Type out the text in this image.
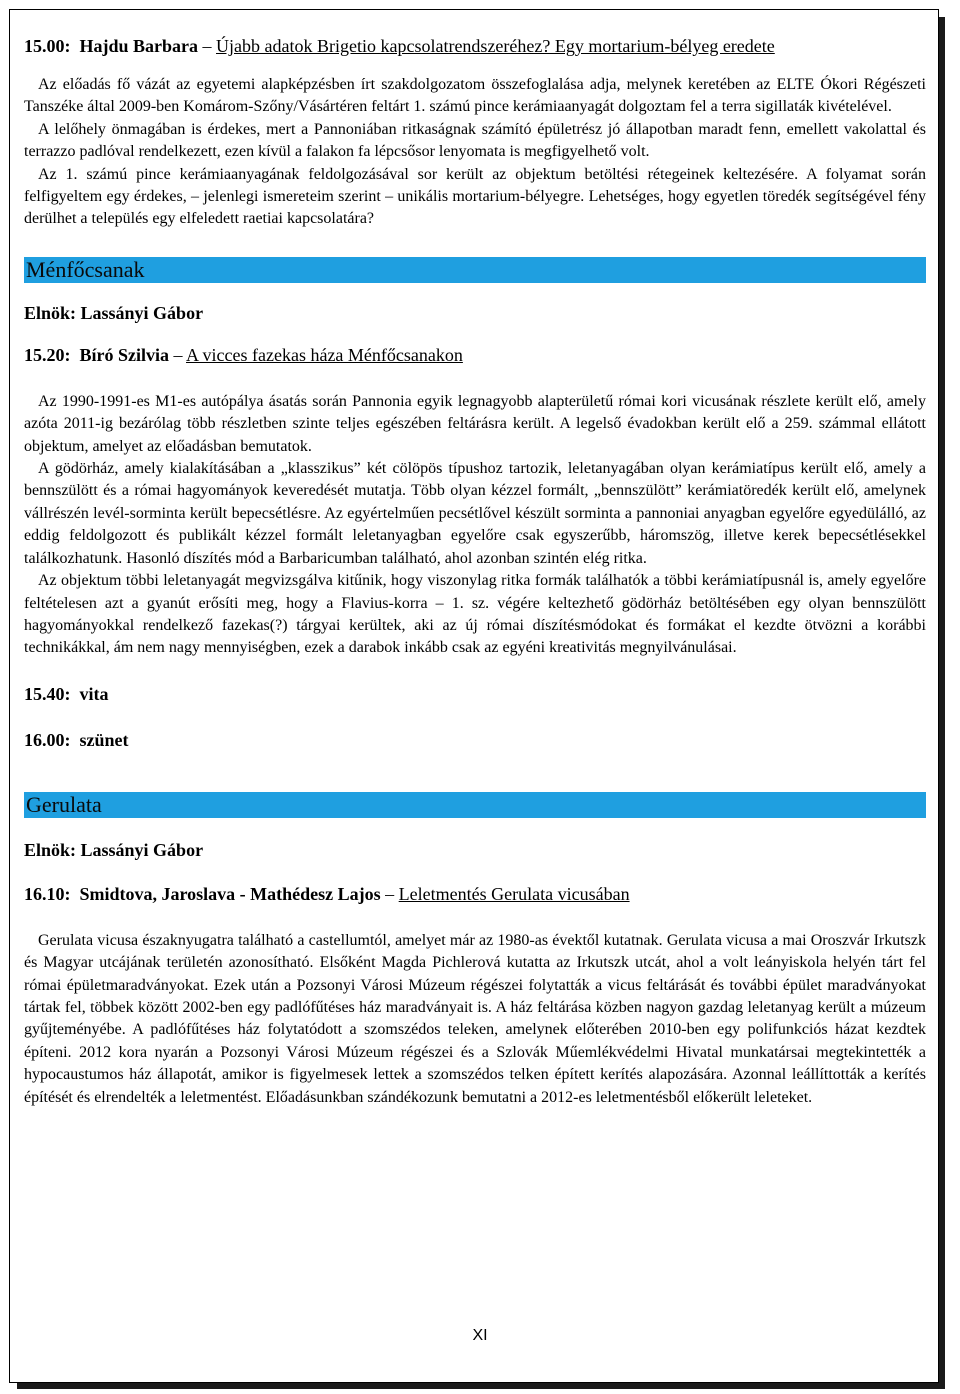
15.00: Hajdu Barbara – Újabb adatok Brigetio kapcsolatrendszeréhez? Egy mortarium-bélyeg eredete

Az előadás fő vázát az egyetemi alapképzésben írt szakdolgozatom összefoglalása adja, melynek keretében az ELTE Ókori Régészeti Tanszéke által 2009-ben Komárom-Szőny/Vásártéren feltárt 1. számú pince kerámiaanyagát dolgoztam fel a terra sigillaták kivételével.

A lelőhely önmagában is érdekes, mert a Pannoniában ritkaságnak számító épületrész jó állapotban maradt fenn, emellett vakolattal és terrazzo padlóval rendelkezett, ezen kívül a falakon fa lépcsősor lenyomata is megfigyelhető volt.

Az 1. számú pince kerámiaanyagának feldolgozásával sor került az objektum betöltési rétegeinek keltezésére. A folyamat során felfigyeltem egy érdekes, – jelenlegi ismereteim szerint – unikális mortarium-bélyegre. Lehetséges, hogy egyetlen töredék segítségével fény derülhet a település egy elfeledett raetiai kapcsolatára?

Ménfőcsanak

Elnök: Lassányi Gábor

15.20: Bíró Szilvia – A vicces fazekas háza Ménfőcsanakon

Az 1990-1991-es M1-es autópálya ásatás során Pannonia egyik legnagyobb alapterületű római kori vicusának részlete került elő, amely azóta 2011-ig bezárólag több részletben szinte teljes egészében feltárásra került. A legelső évadokban került elő a 259. számmal ellátott objektum, amelyet az előadásban bemutatok.

A gödörház, amely kialakításában a „klasszikus” két cölöpös típushoz tartozik, leletanyagában olyan kerámiatípus került elő, amely a bennszülött és a római hagyományok keveredését mutatja. Több olyan kézzel formált, „bennszülött” kerámiatöredék került elő, amelynek vállrészén levél-sorminta került bepecsétlésre. Az egyértelműen pecsétlővel készült sorminta a pannoniai anyagban egyelőre egyedülálló, az eddig feldolgozott és publikált kézzel formált leletanyagban egyelőre csak egyszerűbb, háromszög, illetve kerek bepecsétlésekkel találkozhatunk. Hasonló díszítés mód a Barbaricumban található, ahol azonban szintén elég ritka.

Az objektum többi leletanyagát megvizsgálva kitűnik, hogy viszonylag ritka formák találhatók a többi kerámiatípusnál is, amely egyelőre feltételesen azt a gyanút erősíti meg, hogy a Flavius-korra – 1. sz. végére keltezhető gödörház betöltésében egy olyan bennszülött hagyományokkal rendelkező fazekas(?) tárgyai kerültek, aki az új római díszítésmódokat és formákat el kezdte ötvözni a korábbi technikákkal, ám nem nagy mennyiségben, ezek a darabok inkább csak az egyéni kreativitás megnyilvánulásai.

15.40: vita

16.00: szünet

Gerulata

Elnök: Lassányi Gábor

16.10: Smidtova, Jaroslava - Mathédesz Lajos – Leletmentés Gerulata vicusában

Gerulata vicusa északnyugatra található a castellumtól, amelyet már az 1980-as évektől kutatnak. Gerulata vicusa a mai Oroszvár Irkutszk és Magyar utcájának területén azonosítható. Elsőként Magda Pichlerová kutatta az Irkutszk utcát, ahol a volt leányiskola helyén tárt fel római épületmaradványokat. Ezek után a Pozsonyi Városi Múzeum régészei folytatták a vicus feltárását és további épület maradványokat tártak fel, többek között 2002-ben egy padlófűtéses ház maradványait is. A ház feltárása közben nagyon gazdag leletanyag került a múzeum gyűjteményébe. A padlófűtéses ház folytatódott a szomszédos teleken, amelynek előterében 2010-ben egy polifunkciós házat kezdtek építeni. 2012 kora nyarán a Pozsonyi Városi Múzeum régészei és a Szlovák Műemlékvédelmi Hivatal munkatársai megtekintették a hypocaustumos ház állapotát, amikor is figyelmesek lettek a szomszédos telken épített kerítés alapozására. Azonnal leállíttották a kerítés építését és elrendelték a leletmentést. Előadásunkban szándékozunk bemutatni a 2012-es leletmentésből előkerült leleteket.

XI
